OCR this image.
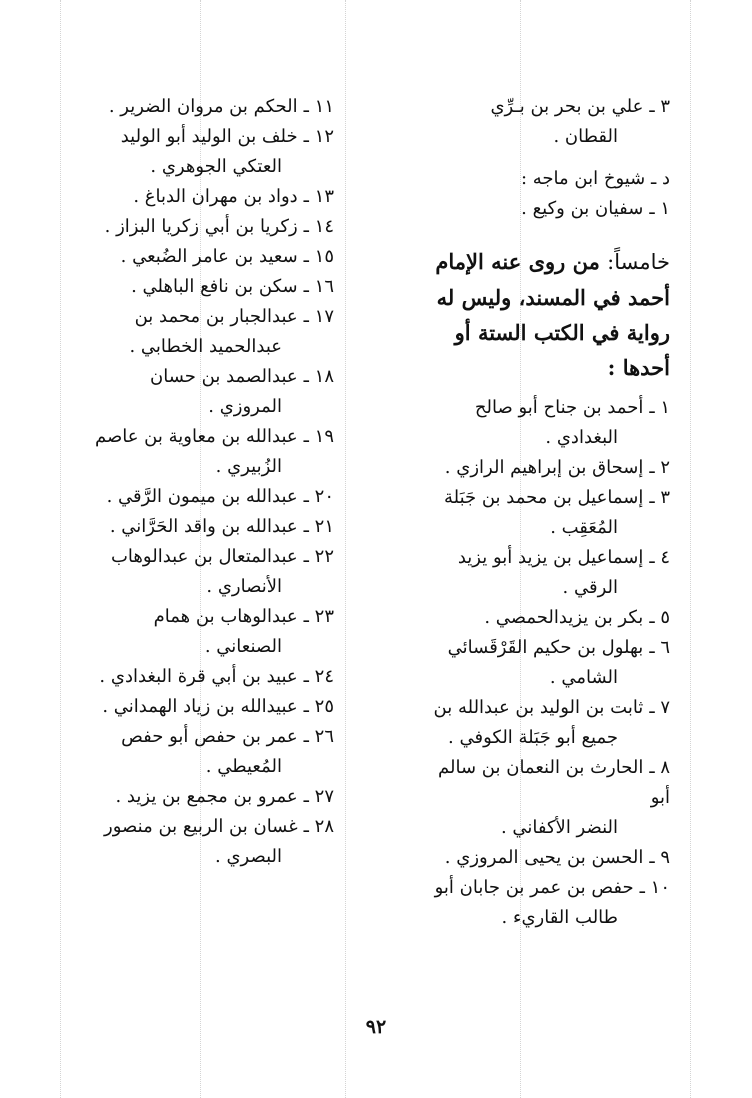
٣ ـعلي بن بحر بن بـرِّي
القطان .

د ـ شيوخ ابن ماجه :

١ ـسفيان بن وكيع .

خامساً: من روى عنه الإمام أحمد في المسند، وليس له رواية في الكتب الستة أو أحدها :

١ ـأحمد بن جناح أبو صالح
البغدادي .

٢ ـإسحاق بن إبراهيم الرازي .

٣ ـإسماعيل بن محمد بن جَبَلة
المُعَقِب .

٤ ـإسماعيل بن يزيد أبو يزيد
الرقي .

٥ ـبكر بن يزيدالحمصي .

٦ ـبهلول بن حكيم القَرْقَسائي
الشامي .

٧ ـثابت بن الوليد بن عبدالله بن
جميع أبو جَبَلة الكوفي .

٨ ـالحارث بن النعمان بن سالم أبو
النضر الأكفاني .

٩ ـالحسن بن يحيى المروزي .

١٠ ـحفص بن عمر بن جابان أبو
طالب القاريء .

١١ ـالحكم بن مروان الضرير .

١٢ ـخلف بن الوليد أبو الوليد
العتكي الجوهري .

١٣ ـدواد بن مهران الدباغ .

١٤ ـزكريا بن أبي زكريا البزاز .

١٥ ـسعيد بن عامر الضُبعي .

١٦ ـسكن بن نافع الباهلي .

١٧ ـعبدالجبار بن محمد بن
عبدالحميد الخطابي .

١٨ ـعبدالصمد بن حسان
المروزي .

١٩ ـعبدالله بن معاوية بن عاصم
الزُبيري .

٢٠ ـعبدالله بن ميمون الرَّقي .

٢١ ـعبدالله بن واقد الحَرَّاني .

٢٢ ـعبدالمتعال بن عبدالوهاب
الأنصاري .

٢٣ ـعبدالوهاب بن همام
الصنعاني .

٢٤ ـعبيد بن أبي قرة البغدادي .

٢٥ ـعبيدالله بن زياد الهمداني .

٢٦ ـعمر بن حفص أبو حفص
المُعيطي .

٢٧ ـعمرو بن مجمع بن يزيد .

٢٨ ـغسان بن الربيع بن منصور
البصري .

٩٢
